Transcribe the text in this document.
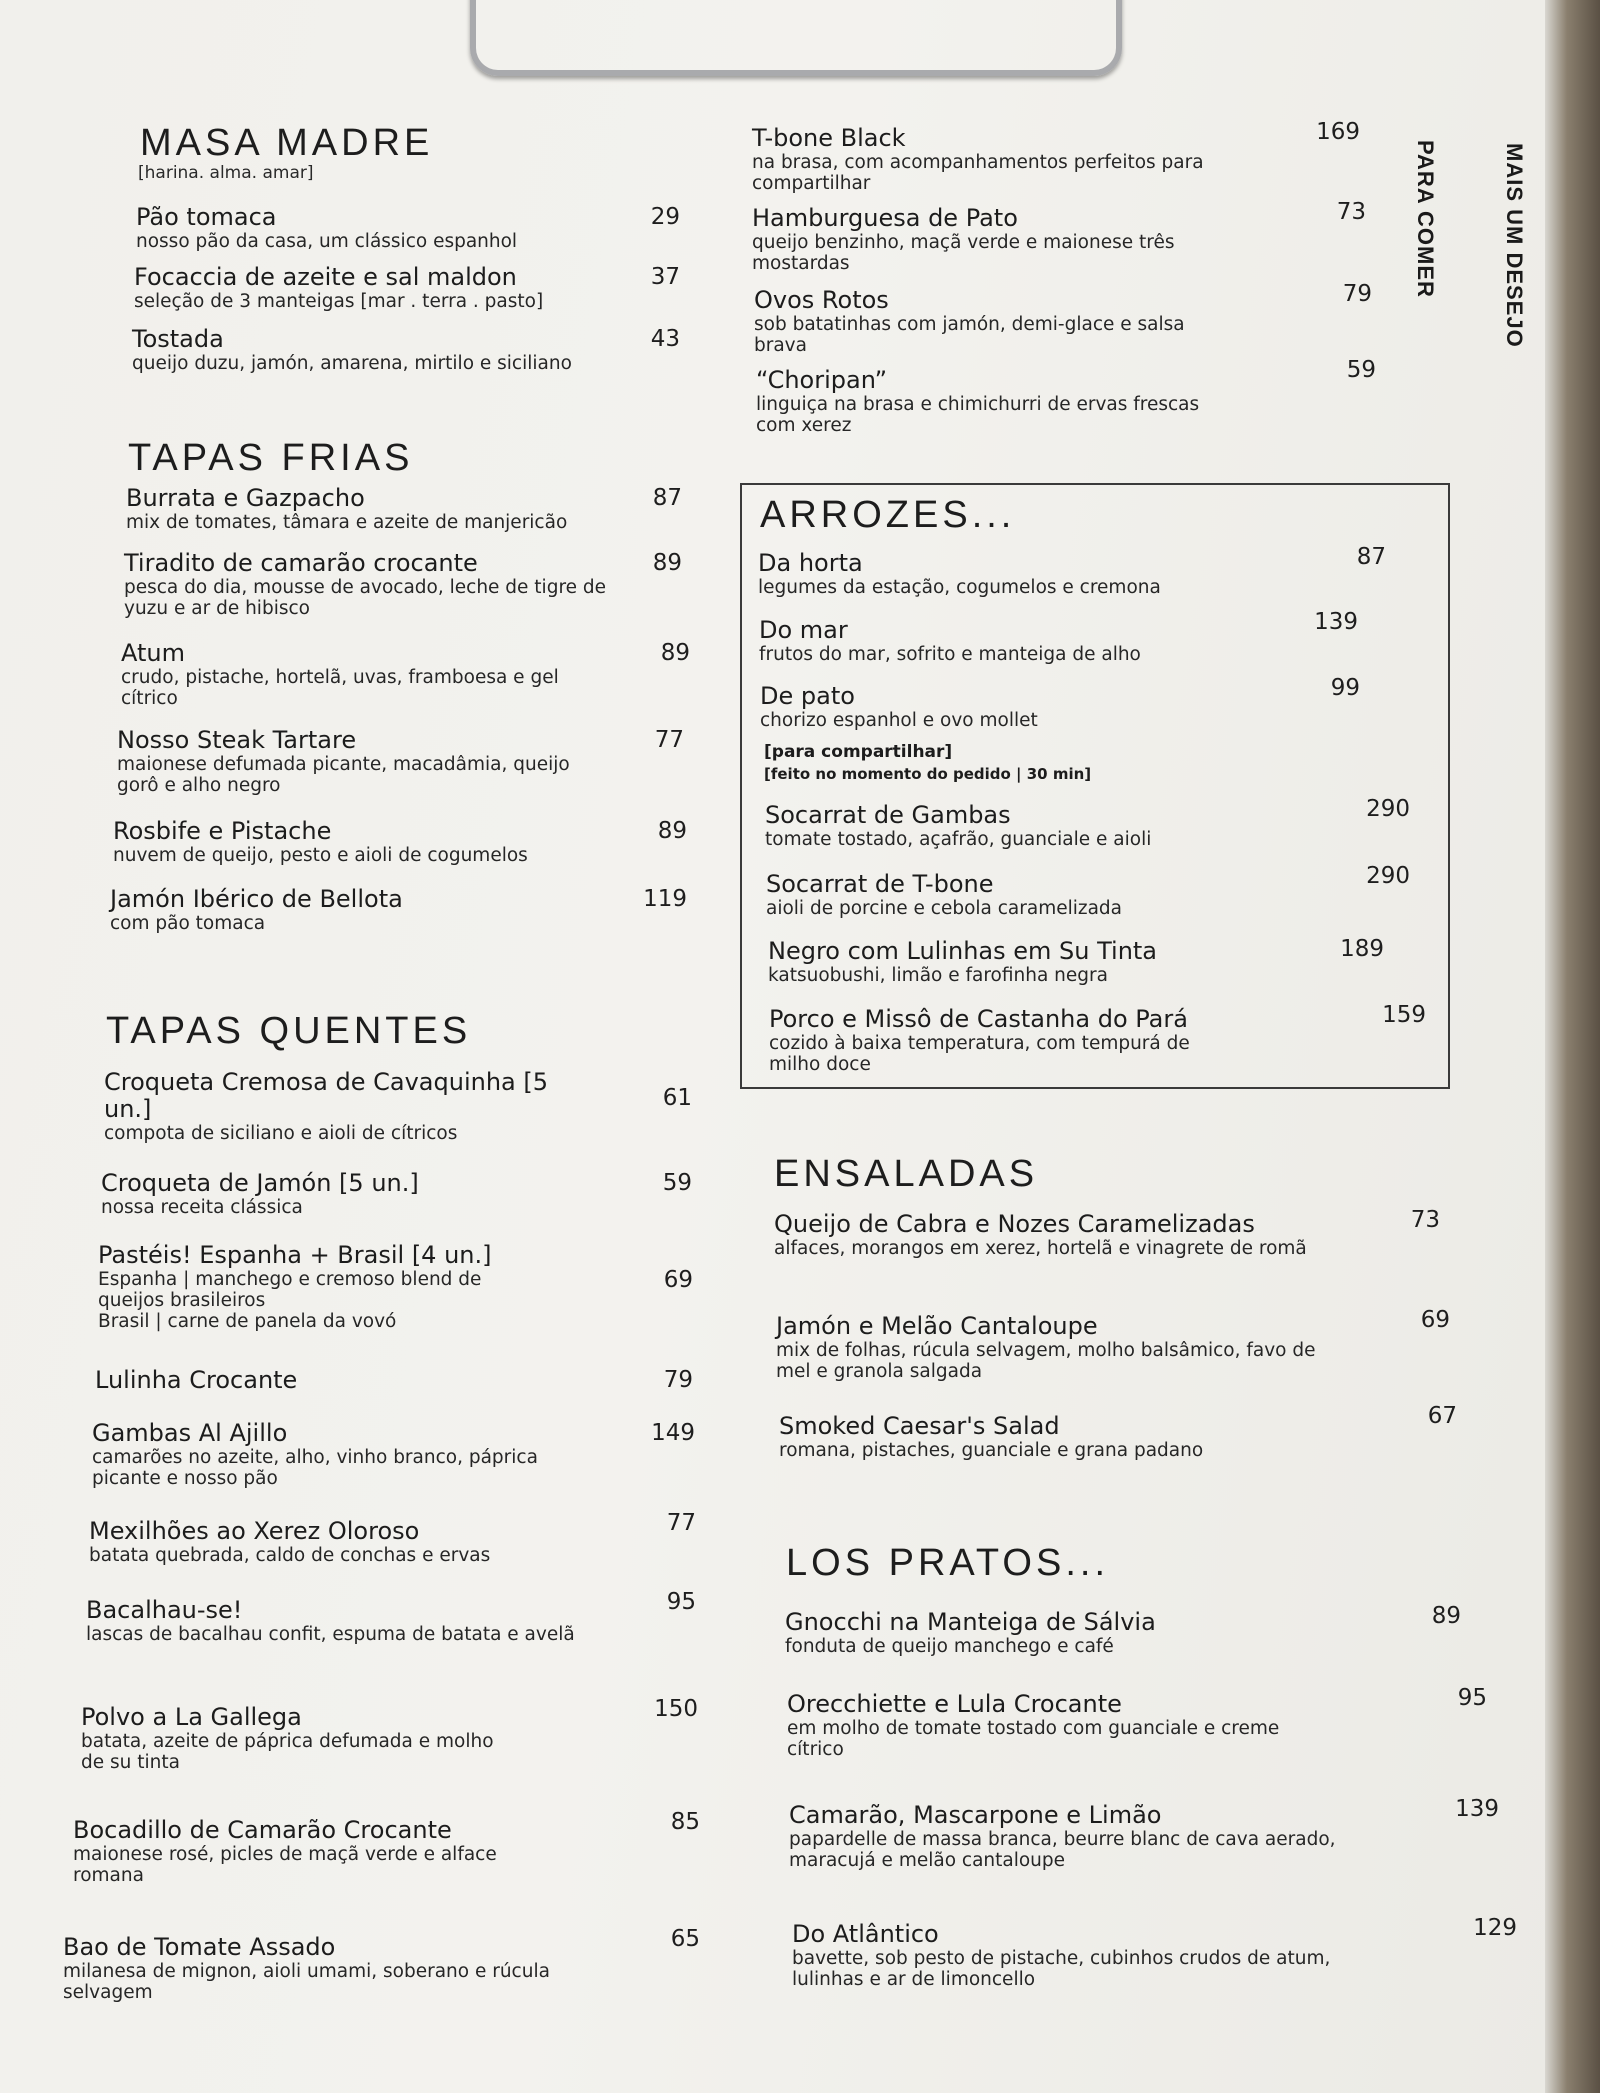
MASA MADRE
[harina. alma. amar]
Pão tomaca
nosso pão da casa, um clássico espanhol
29
Focaccia de azeite e sal maldon
seleção de 3 manteigas [mar . terra . pasto]
37
Tostada
queijo duzu, jamón, amarena, mirtilo e siciliano
43
TAPAS FRIAS
Burrata e Gazpacho
mix de tomates, tâmara e azeite de manjericão
87
Tiradito de camarão crocante
pesca do dia, mousse de avocado, leche de tigre de yuzu e ar de hibisco
89
Atum
crudo, pistache, hortelã, uvas, framboesa e gel cítrico
89
Nosso Steak Tartare
maionese defumada picante, macadâmia, queijo gorô e alho negro
77
Rosbife e Pistache
nuvem de queijo, pesto e aioli de cogumelos
89
Jamón Ibérico de Bellota
com pão tomaca
119
TAPAS QUENTES
Croqueta Cremosa de Cavaquinha [5 un.]
compota de siciliano e aioli de cítricos
61
Croqueta de Jamón [5 un.]
nossa receita clássica
59
Pastéis! Espanha + Brasil [4 un.]
Espanha | manchego e cremoso blend de queijos brasileiros
Brasil | carne de panela da vovó
69
Lulinha Crocante	79
Gambas Al Ajillo
camarões no azeite, alho, vinho branco, páprica picante e nosso pão
149
Mexilhões ao Xerez Oloroso
batata quebrada, caldo de conchas e ervas
77
Bacalhau-se!
lascas de bacalhau confit, espuma de batata e avelã
95
Polvo a La Gallega
batata, azeite de páprica defumada e molho de su tinta
150
Bocadillo de Camarão Crocante
maionese rosé, picles de maçã verde e alface romana
85
Bao de Tomate Assado
milanesa de mignon, aioli umami, soberano e rúcula selvagem
65
T-bone Black
na brasa, com acompanhamentos perfeitos para compartilhar
169
Hamburguesa de Pato
queijo benzinho, maçã verde e maionese três mostardas
73
Ovos Rotos
sob batatinhas com jamón, demi-glace e salsa brava
79
“Choripan”
linguiça na brasa e chimichurri de ervas frescas com xerez
59
ARROZES...
Da horta
legumes da estação, cogumelos e cremona
87
Do mar
frutos do mar, sofrito e manteiga de alho
139
De pato
chorizo espanhol e ovo mollet
99
[para compartilhar]
[feito no momento do pedido | 30 min]
Socarrat de Gambas
tomate tostado, açafrão, guanciale e aioli
290
Socarrat de T-bone
aioli de porcine e cebola caramelizada
290
Negro com Lulinhas em Su Tinta
katsuobushi, limão e farofinha negra
189
Porco e Missô de Castanha do Pará
cozido à baixa temperatura, com tempurá de milho doce
159
ENSALADAS
Queijo de Cabra e Nozes Caramelizadas
alfaces, morangos em xerez, hortelã e vinagrete de romã
73
Jamón e Melão Cantaloupe
mix de folhas, rúcula selvagem, molho balsâmico, favo de mel e granola salgada
69
Smoked Caesar's Salad
romana, pistaches, guanciale e grana padano
67
LOS PRATOS...
Gnocchi na Manteiga de Sálvia
fonduta de queijo manchego e café
89
Orecchiette e Lula Crocante
em molho de tomate tostado com guanciale e creme cítrico
95
Camarão, Mascarpone e Limão
papardelle de massa branca, beurre blanc de cava aerado, maracujá e melão cantaloupe
139
Do Atlântico
bavette, sob pesto de pistache, cubinhos crudos de atum, lulinhas e ar de limoncello
129
PARA COMER	MAIS UM DESEJO
